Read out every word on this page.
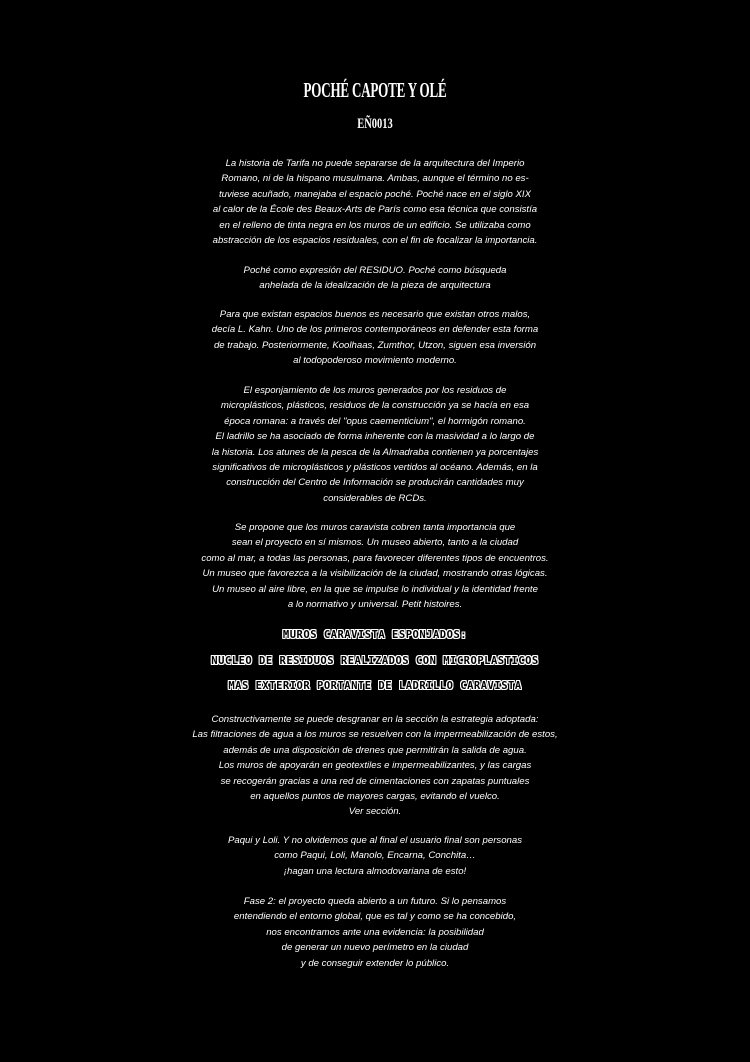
POCHÉ CAPOTE Y OLÉ
EÑ0013

La historia de Tarifa no puede separarse de la arquitectura del Imperio
Romano, ni de la hispano musulmana. Ambas, aunque el término no es-
tuviese acuñado, manejaba el espacio poché. Poché nace en el siglo XIX
al calor de la École des Beaux-Arts de París como esa técnica que consistía
en el relleno de tinta negra en los muros de un edificio. Se utilizaba como
abstracción de los espacios residuales, con el fin de focalizar la importancia.

Poché como expresión del RESIDUO. Poché como búsqueda
anhelada de la idealización de la pieza de arquitectura

Para que existan espacios buenos es necesario que existan otros malos,
decía L. Kahn. Uno de los primeros contemporáneos en defender esta forma
de trabajo. Posteriormente, Koolhaas, Zumthor, Utzon, siguen esa inversión
al todopoderoso movimiento moderno.

El esponjamiento de los muros generados por los residuos de
microplásticos, plásticos, residuos de la construcción ya se hacía en esa
época romana: a través del "opus caementicium", el hormigón romano.
El ladrillo se ha asociado de forma inherente con la masividad a lo largo de
la historia. Los atunes de la pesca de la Almadraba contienen ya porcentajes
significativos de microplásticos y plásticos vertidos al océano. Además, en la
construcción del Centro de Información se producirán cantidades muy
considerables de RCDs.

Se propone que los muros caravista cobren tanta importancia que
sean el proyecto en sí mismos. Un museo abierto, tanto a la ciudad
como al mar, a todas las personas, para favorecer diferentes tipos de encuentros.
Un museo que favorezca a la visibilización de la ciudad, mostrando otras lógicas.
Un museo al aire libre, en la que se impulse lo individual y la identidad frente
a lo normativo y universal. Petit histoires.

MUROS CARAVISTA ESPONJADOS:
NUCLEO DE RESIDUOS REALIZADOS CON MICROPLASTICOS
MAS EXTERIOR PORTANTE DE LADRILLO CARAVISTA

Constructivamente se puede desgranar en la sección la estrategia adoptada:
Las filtraciones de agua a los muros se resuelven con la impermeabilización de estos,
además de una disposición de drenes que permitirán la salida de agua.
Los muros de apoyarán en geotextiles e impermeabilizantes, y las cargas
se recogerán gracias a una red de cimentaciones con zapatas puntuales
en aquellos puntos de mayores cargas, evitando el vuelco.
Ver sección.

Paqui y Loli. Y no olvidemos que al final el usuario final son personas
como Paqui, Loli, Manolo, Encarna, Conchita…
¡hagan una lectura almodovariana de esto!

Fase 2: el proyecto queda abierto a un futuro. Si lo pensamos
entendiendo el entorno global, que es tal y como se ha concebido,
nos encontramos ante una evidencia: la posibilidad
de generar un nuevo perímetro en la ciudad
y de conseguir extender lo público.
